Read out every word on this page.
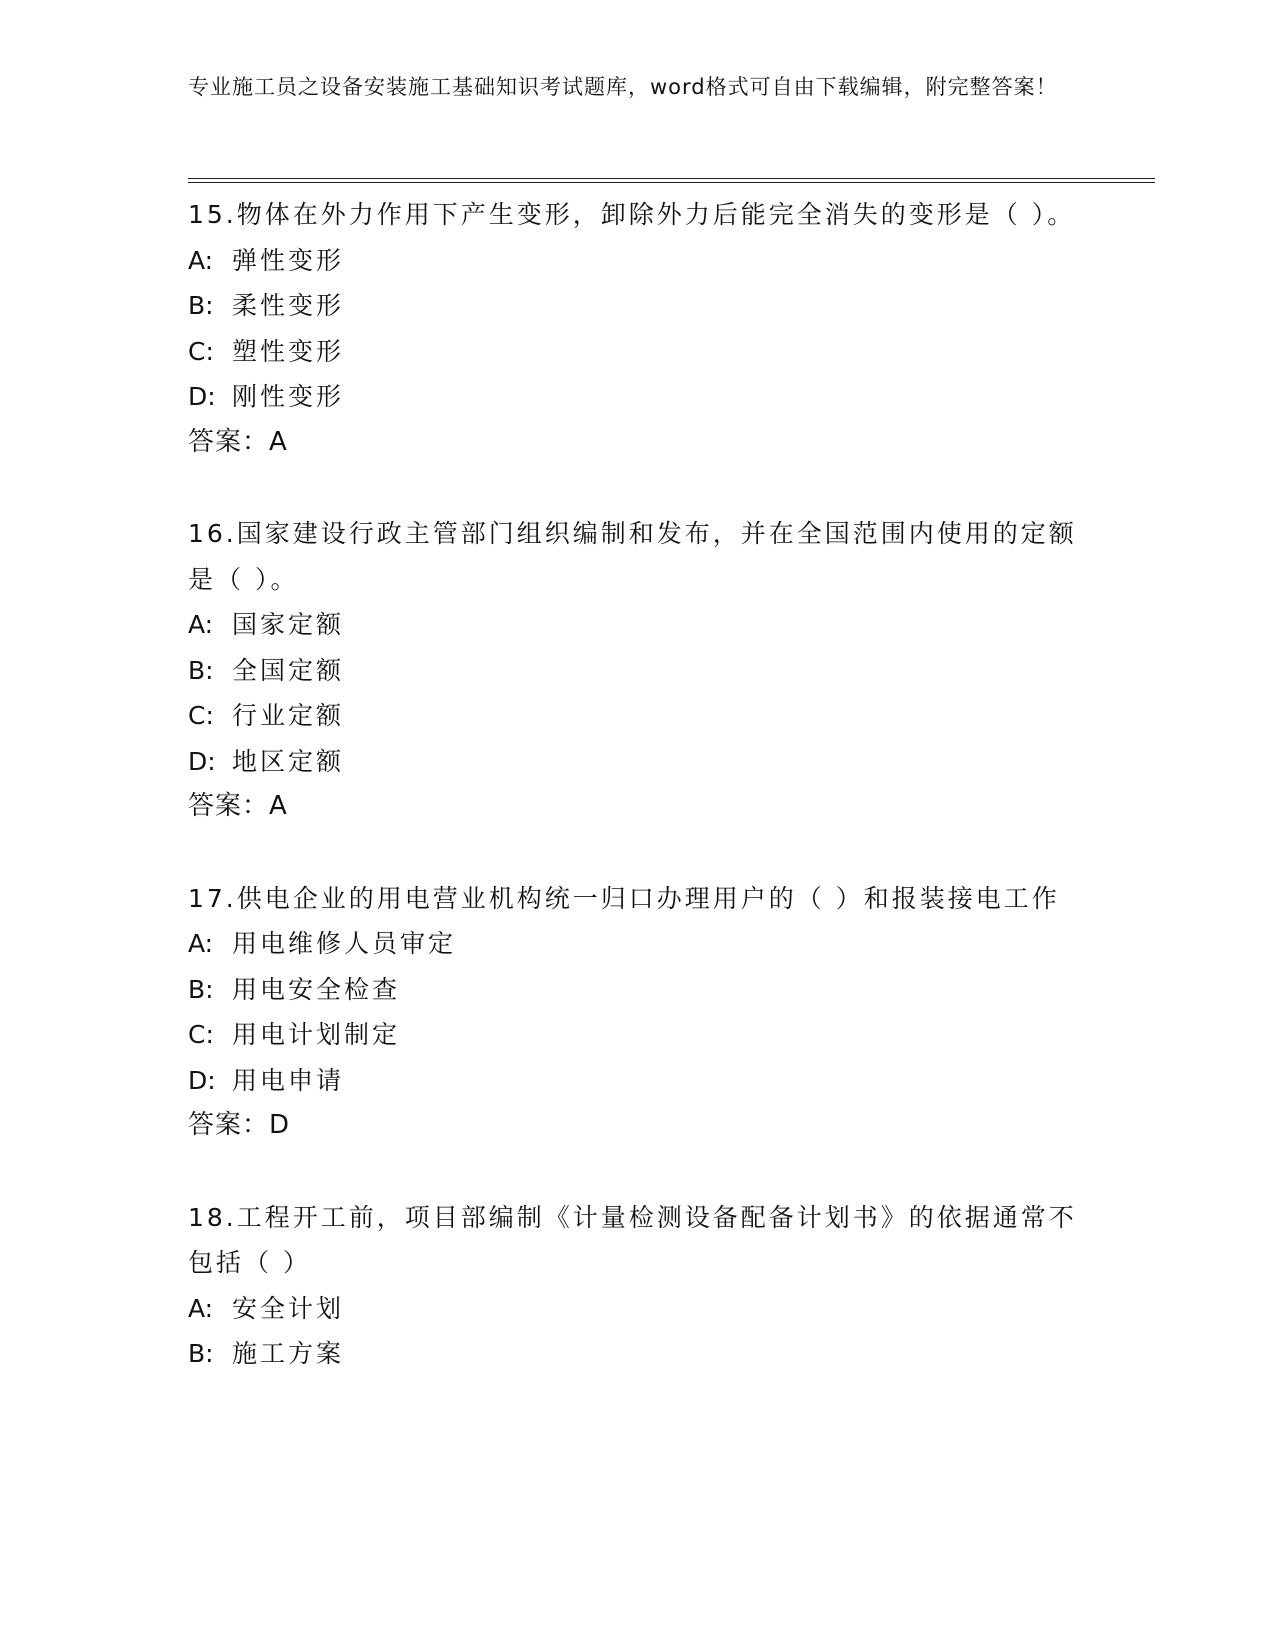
专业施工员之设备安装施工基础知识考试题库，word格式可自由下载编辑，附完整答案！
15.物体在外力作用下产生变形，卸除外力后能完全消失的变形是（ ）。
A: 弹性变形
B: 柔性变形
C: 塑性变形
D: 刚性变形
答案：A
16.国家建设行政主管部门组织编制和发布，并在全国范围内使用的定额是（ ）。
A: 国家定额
B: 全国定额
C: 行业定额
D: 地区定额
答案：A
17.供电企业的用电营业机构统一归口办理用户的（ ）和报装接电工作
A: 用电维修人员审定
B: 用电安全检查
C: 用电计划制定
D: 用电申请
答案：D
18.工程开工前，项目部编制《计量检测设备配备计划书》的依据通常不包括（ ）
A: 安全计划
B: 施工方案
